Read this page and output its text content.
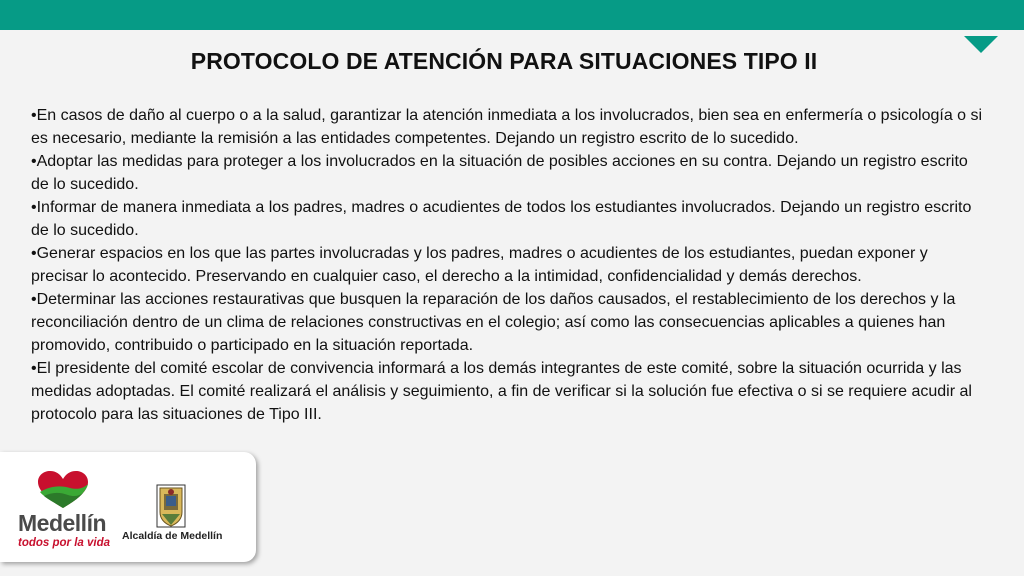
PROTOCOLO DE ATENCIÓN PARA SITUACIONES TIPO II

•En casos de daño al cuerpo o a la salud, garantizar la atención inmediata a los involucrados, bien sea en enfermería o psicología o si es necesario, mediante la remisión a las entidades competentes. Dejando un registro escrito de lo sucedido.

•Adoptar las medidas para proteger a los involucrados en la situación de posibles acciones en su contra. Dejando un registro escrito de lo sucedido.

•Informar de manera inmediata a los padres, madres o acudientes de todos los estudiantes involucrados. Dejando un registro escrito de lo sucedido.

•Generar espacios en los que las partes involucradas y los padres, madres o acudientes de los estudiantes, puedan exponer y precisar lo acontecido. Preservando en cualquier caso, el derecho a la intimidad, confidencialidad y demás derechos.

•Determinar las acciones restaurativas que busquen la reparación de los daños causados, el restablecimiento de los derechos y la reconciliación dentro de un clima de relaciones constructivas en el colegio; así como las consecuencias aplicables a quienes han promovido, contribuido o participado en la situación reportada.

•El presidente del comité escolar de convivencia informará a los demás integrantes de este comité, sobre la situación ocurrida y las medidas adoptadas. El comité realizará el análisis y seguimiento, a fin de verificar si la solución fue efectiva o si se requiere acudir al protocolo para las situaciones de Tipo III.

Medellín
todos por la vida
Alcaldía de Medellín
